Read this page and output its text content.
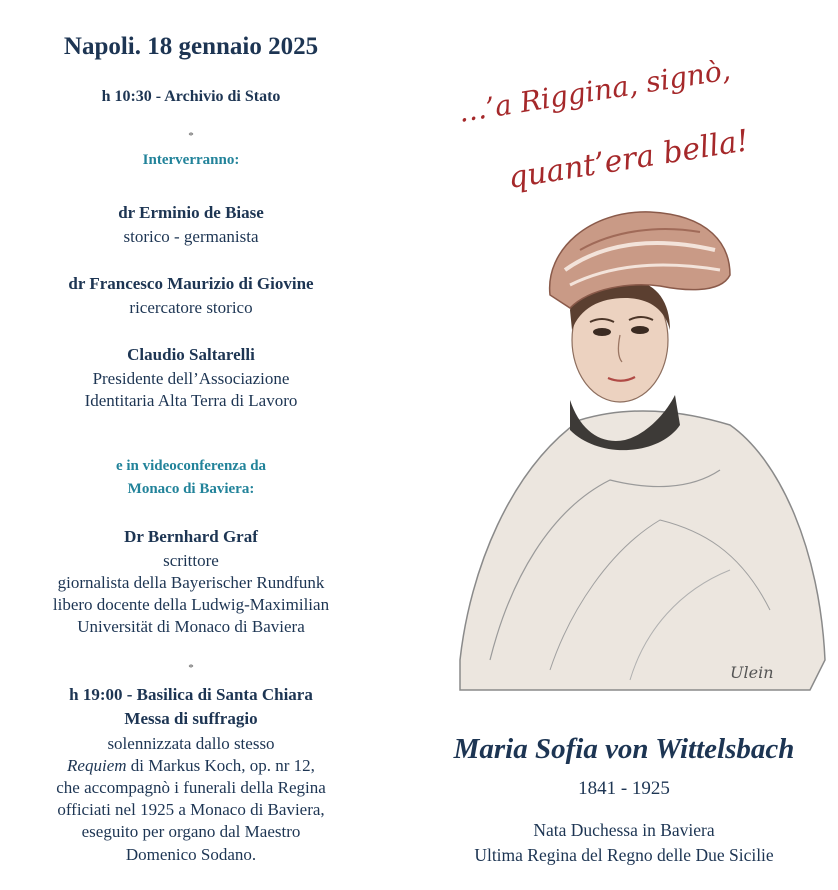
Napoli. 18 gennaio 2025
h 10:30 - Archivio di Stato
*
Interverranno:
dr Erminio de Biase
storico - germanista
dr Francesco Maurizio di Giovine
ricercatore storico
Claudio Saltarelli
Presidente dell’Associazione
Identitaria Alta Terra di Lavoro
e in videoconferenza da
Monaco di Baviera:
Dr Bernhard Graf
scrittore
giornalista della Bayerischer Rundfunk
libero docente della Ludwig-Maximilian
Universität di Monaco di Baviera
*
h 19:00 - Basilica di Santa Chiara
Messa di suffragio
solennizzata dallo stesso
Requiem di Markus Koch, op. nr 12,
che accompagnò i funerali della Regina
officiati nel 1925 a Monaco di Baviera,
eseguito per organo dal Maestro
Domenico Sodano.
…’a Riggina, signò,
quant’era bella!
Ulein
Maria Sofia von Wittelsbach
1841 - 1925
Nata Duchessa in Baviera
Ultima Regina del Regno delle Due Sicilie
